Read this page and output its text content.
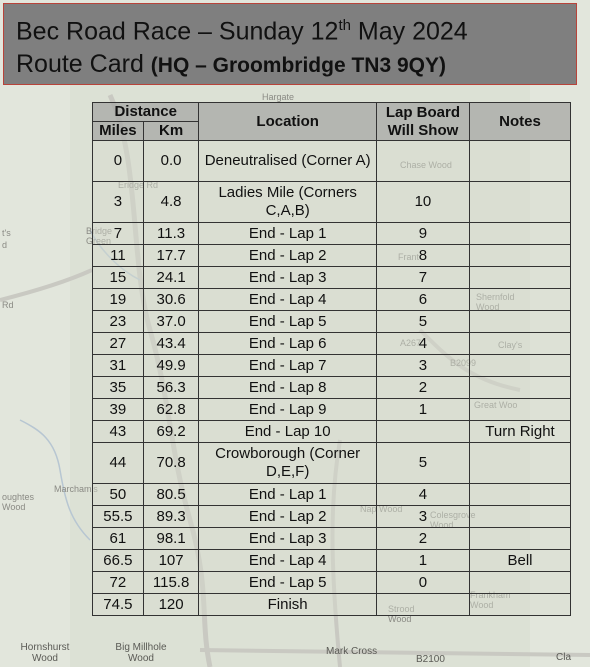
Hargate
Chase Wood
Eridge Rd
t's
d
Rd
Bridge Green
Frant
Shernfold Wood
Clay's
B2099
A267
Great Woo
Marcham's
oughtes Wood	Nap Wood
Colesgrove Wood
Frankham Wood
Strood Wood
Hornshurst Wood
Big Millhole Wood
Mark Cross
B2100	Cla
Bec Road Race – Sunday 12th May 2024
Route Card (HQ – Groombridge TN3 9QY)
Distance		Location	Lap Board Will Show	Notes
Miles	Km			
0	0.0	Deneutralised (Corner A)		
3	4.8	Ladies Mile (Corners C,A,B)	10	
7	11.3	End - Lap 1	9	
11	17.7	End - Lap 2	8	
15	24.1	End - Lap 3	7	
19	30.6	End - Lap 4	6	
23	37.0	End - Lap 5	5	
27	43.4	End - Lap 6	4	
31	49.9	End - Lap 7	3	
35	56.3	End - Lap 8	2	
39	62.8	End - Lap 9	1	
43	69.2	End - Lap 10		Turn Right
44	70.8	Crowborough (Corner D,E,F)	5	
50	80.5	End - Lap 1	4	
55.5	89.3	End - Lap 2	3	
61	98.1	End - Lap 3	2	
66.5	107	End - Lap 4	1	Bell
72	115.8	End - Lap 5	0	
74.5	120	Finish		
